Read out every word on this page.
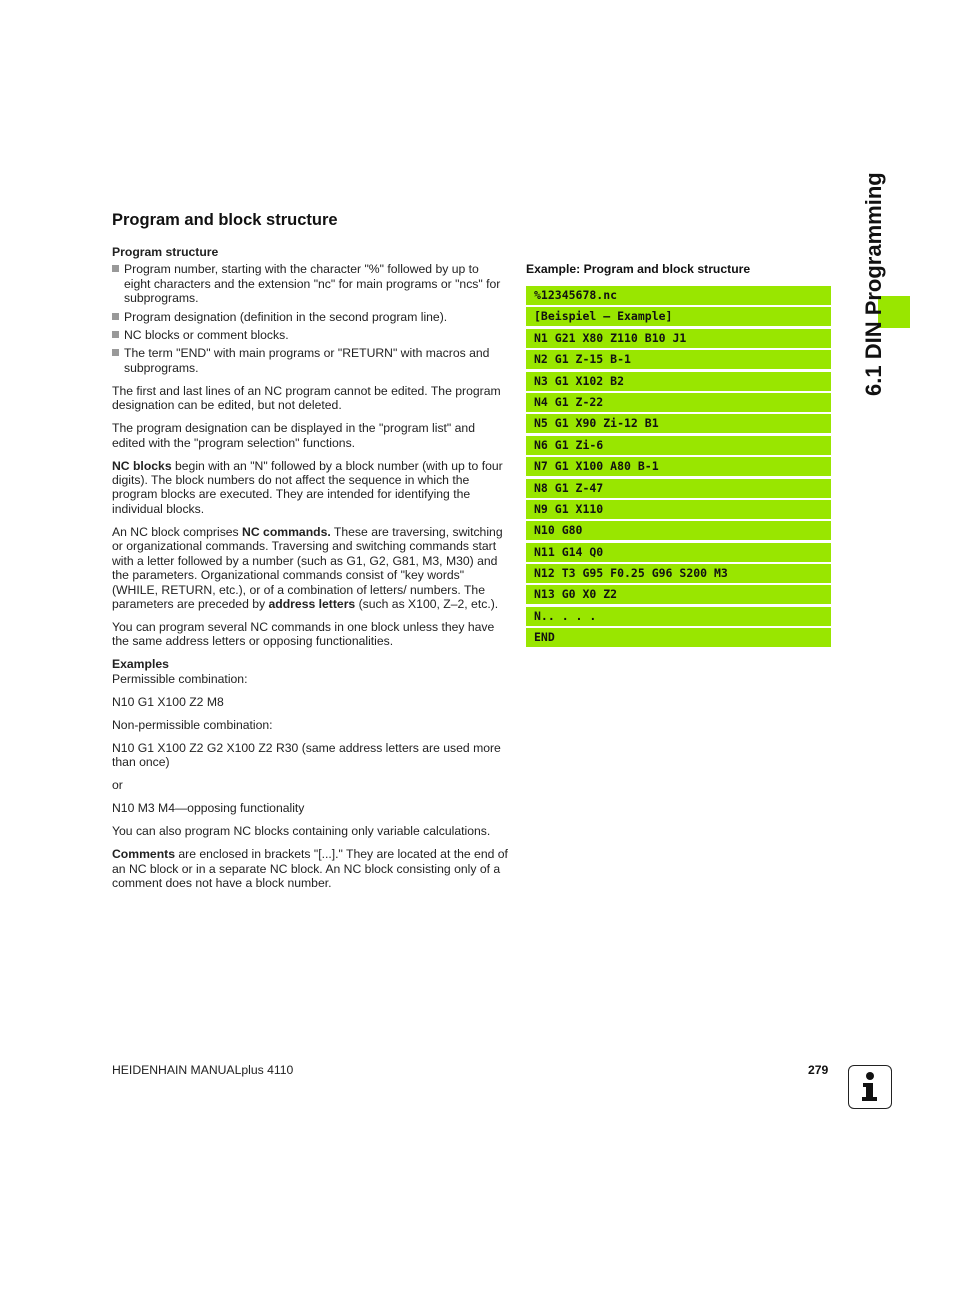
Program and block structure

Program structure

Program number, starting with the character "%" followed by up to eight characters and the extension "nc" for main programs or "ncs" for subprograms.
Program designation (definition in the second program line).
NC blocks or comment blocks.
The term "END" with main programs or "RETURN" with macros and subprograms.

The first and last lines of an NC program cannot be edited. The program designation can be edited, but not deleted.

The program designation can be displayed in the "program list" and edited with the "program selection" functions.

NC blocks begin with an "N" followed by a block number (with up to four digits). The block numbers do not affect the sequence in which the program blocks are executed. They are intended for identifying the individual blocks.

An NC block comprises NC commands. These are traversing, switching or organizational commands. Traversing and switching commands start with a letter followed by a number (such as G1, G2, G81, M3, M30) and the parameters. Organizational commands consist of "key words" (WHILE, RETURN, etc.), or of a combination of letters/ numbers. The parameters are preceded by address letters (such as X100, Z–2, etc.).

You can program several NC commands in one block unless they have the same address letters or opposing functionalities.

Examples

Permissible combination:

N10 G1 X100 Z2 M8

Non-permissible combination:

N10 G1 X100 Z2 G2 X100 Z2 R30 (same address letters are used more than once)

or

N10 M3 M4—opposing functionality

You can also program NC blocks containing only variable calculations.

Comments are enclosed in brackets "[...]." They are located at the end of an NC block or in a separate NC block. An NC block consisting only of a comment does not have a block number.

Example: Program and block structure
%12345678.nc
[Beispiel – Example]
N1 G21 X80 Z110 B10 J1
N2 G1 Z-15 B-1
N3 G1 X102 B2
N4 G1 Z-22
N5 G1 X90 Zi-12 B1
N6 G1 Zi-6
N7 G1 X100 A80 B-1
N8 G1 Z-47
N9 G1 X110
N10 G80
N11 G14 Q0
N12 T3 G95 F0.25 G96 S200 M3
N13 G0 X0 Z2
N.. . . .
END
6.1 DIN Programming
HEIDENHAIN MANUALplus 4110	279
